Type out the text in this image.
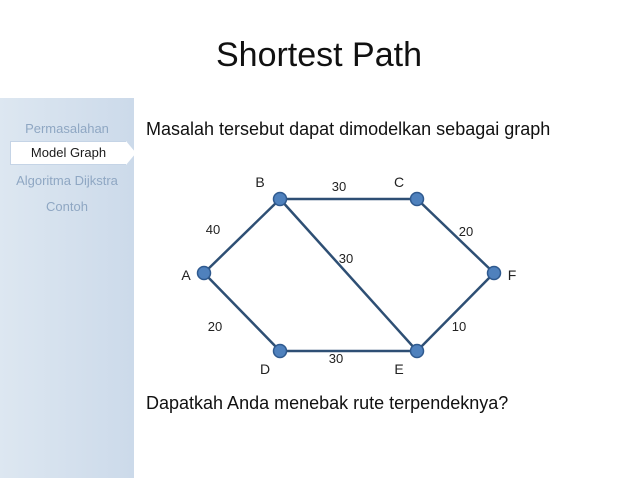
Permasalahan
Model Graph
Algoritma Dijkstra
Contoh
Shortest Path
Masalah tersebut dapat dimodelkan sebagai graph
40
30
20
30
20
30
10
A
B	C
D	E
F
Dapatkah Anda menebak rute terpendeknya?
